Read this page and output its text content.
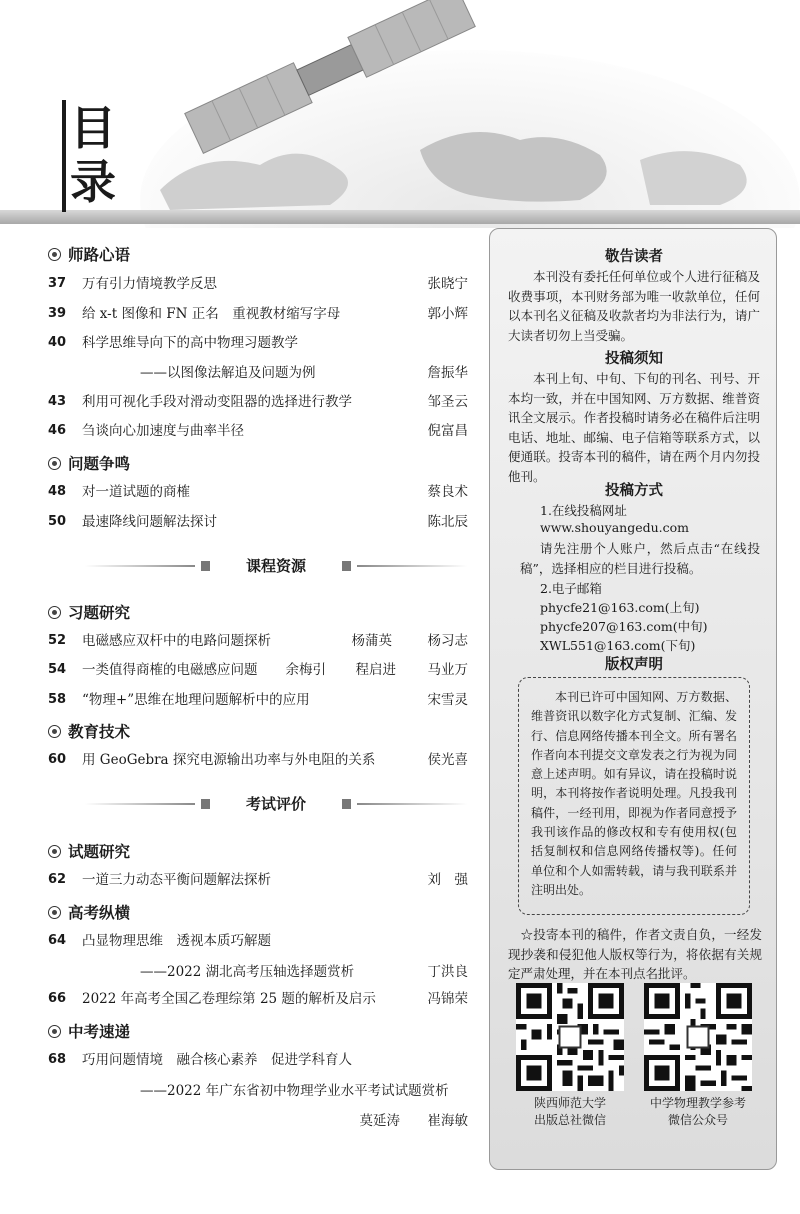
目
录
师路心语
37 万有引力情境教学反思	张晓宁
39 给 x-t 图像和 FN 正名　重视教材缩写字母	郭小辉
40 科学思维导向下的高中物理习题教学
——以图像法解追及问题为例	詹振华
43 利用可视化手段对滑动变阻器的选择进行教学	邹圣云
46 刍谈向心加速度与曲率半径	倪富昌
问题争鸣
48 对一道试题的商榷	蔡良术
50 最速降线问题解法探讨	陈北辰
课程资源
习题研究
52 电磁感应双杆中的电路问题探析	杨蒲英	杨习志
54 一类值得商榷的电磁感应问题 余梅引 程启进 马业万
58 “物理+”思维在地理问题解析中的应用	宋雪灵
教育技术
60 用 GeoGebra 探究电源输出功率与外电阻的关系	侯光喜
考试评价
试题研究
62 一道三力动态平衡问题解法探析	刘　强
高考纵横
64 凸显物理思维　透视本质巧解题
——2022 湖北高考压轴选择题赏析	丁洪良
66 2022 年高考全国乙卷理综第 25 题的解析及启示	冯锦荣
中考速递
68 巧用问题情境　融合核心素养　促进学科育人
——2022 年广东省初中物理学业水平考试试题赏析
莫延涛 崔海敏
敬告读者

本刊没有委托任何单位或个人进行征稿及收费事项，本刊财务部为唯一收款单位，任何以本刊名义征稿及收款者均为非法行为，请广大读者切勿上当受骗。

投稿须知

本刊上旬、中旬、下旬的刊名、刊号、开本均一致，并在中国知网、万方数据、维普资讯全文展示。作者投稿时请务必在稿件后注明电话、地址、邮编、电子信箱等联系方式，以便通联。投寄本刊的稿件，请在两个月内勿投他刊。

投稿方式
1.在线投稿网址
www.shouyangedu.com

请先注册个人账户，然后点击“在线投稿”，选择相应的栏目进行投稿。

2.电子邮箱
phycfe21@163.com(上旬)
phycfe207@163.com(中旬)
XWL551@163.com(下旬)
版权声明

本刊已许可中国知网、万方数据、维普资讯以数字化方式复制、汇编、发行、信息网络传播本刊全文。所有署名作者向本刊提交文章发表之行为视为同意上述声明。如有异议，请在投稿时说明，本刊将按作者说明处理。凡投我刊稿件，一经刊用，即视为作者同意授予我刊该作品的修改权和专有使用权(包括复制权和信息网络传播权等)。任何单位和个人如需转载，请与我刊联系并注明出处。

☆投寄本刊的稿件，作者文责自负，一经发现抄袭和侵犯他人版权等行为，将依据有关规定严肃处理，并在本刊点名批评。

陕西师范大学
出版总社微信
中学物理教学参考
微信公众号
